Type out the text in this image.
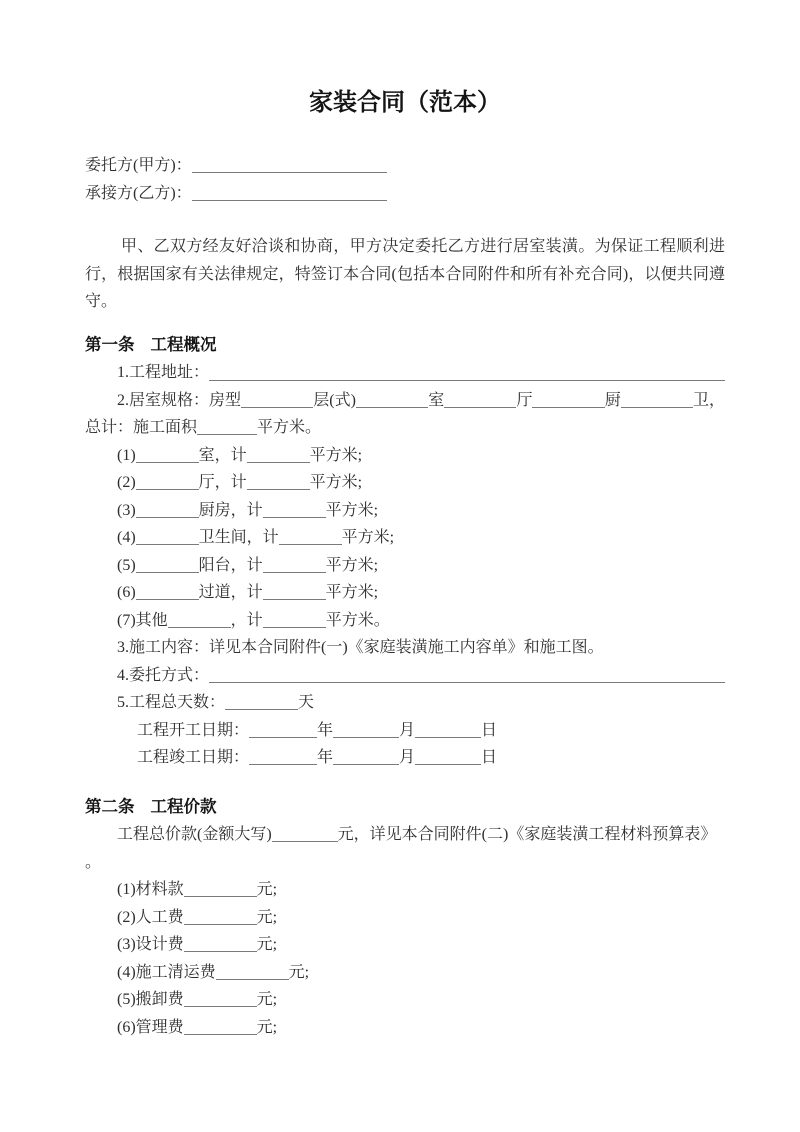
家装合同（范本）
委托方(甲方)：
承接方(乙方)：

甲、乙双方经友好洽谈和协商，甲方决定委托乙方进行居室装潢。为保证工程顺利进行，根据国家有关法律规定，特签订本合同(包括本合同附件和所有补充合同)，以便共同遵守。

第一条 工程概况
1.工程地址：
2.居室规格：房型	层(式)	室	厅	厨	卫，
总计：施工面积	平方米。
(1)	室，计	平方米;
(2)	厅，计	平方米;
(3)	厨房，计	平方米;
(4)	卫生间，计	平方米;
(5)	阳台，计	平方米;
(6)	过道，计	平方米;
(7)其他	，计	平方米。
3.施工内容：详见本合同附件(一)《家庭装潢施工内容单》和施工图。
4.委托方式：
5.工程总天数：	天
工程开工日期：	年	月	日
工程竣工日期：	年	月	日
第二条 工程价款
工程总价款(金额大写)	元，详见本合同附件(二)《家庭装潢工程材料预算表》
。
(1)材料款	元;
(2)人工费	元;
(3)设计费	元;
(4)施工清运费	元;
(5)搬卸费	元;
(6)管理费	元;
